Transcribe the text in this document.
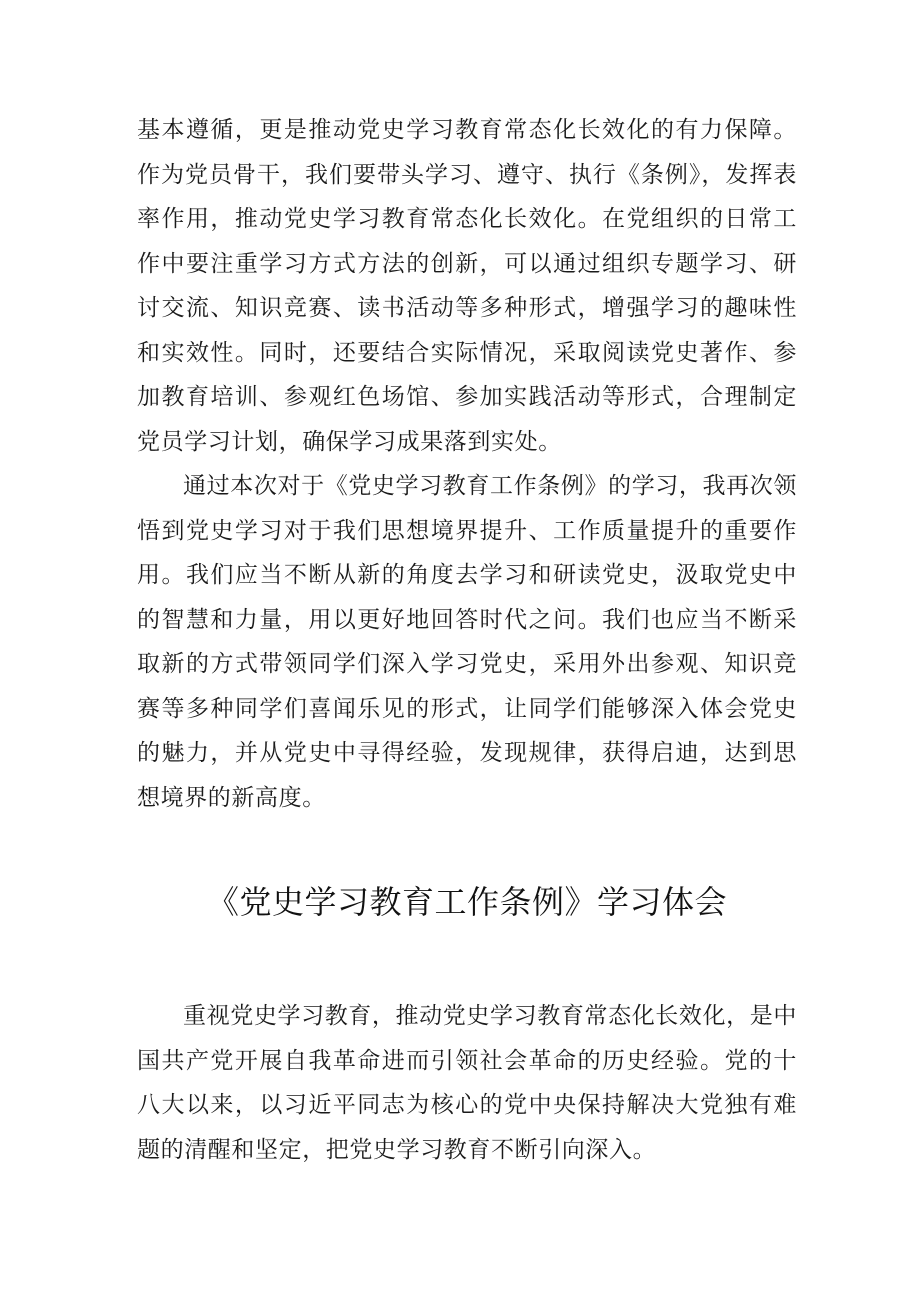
基本遵循，更是推动党史学习教育常态化长效化的有力保障。作为党员骨干，我们要带头学习、遵守、执行《条例》，发挥表率作用，推动党史学习教育常态化长效化。在党组织的日常工作中要注重学习方式方法的创新，可以通过组织专题学习、研讨交流、知识竞赛、读书活动等多种形式，增强学习的趣味性和实效性。同时，还要结合实际情况，采取阅读党史著作、参加教育培训、参观红色场馆、参加实践活动等形式，合理制定党员学习计划，确保学习成果落到实处。

通过本次对于《党史学习教育工作条例》的学习，我再次领悟到党史学习对于我们思想境界提升、工作质量提升的重要作用。我们应当不断从新的角度去学习和研读党史，汲取党史中的智慧和力量，用以更好地回答时代之问。我们也应当不断采取新的方式带领同学们深入学习党史，采用外出参观、知识竞赛等多种同学们喜闻乐见的形式，让同学们能够深入体会党史的魅力，并从党史中寻得经验，发现规律，获得启迪，达到思想境界的新高度。

《党史学习教育工作条例》学习体会

重视党史学习教育，推动党史学习教育常态化长效化，是中国共产党开展自我革命进而引领社会革命的历史经验。党的十八大以来，以习近平同志为核心的党中央保持解决大党独有难题的清醒和坚定，把党史学习教育不断引向深入。
